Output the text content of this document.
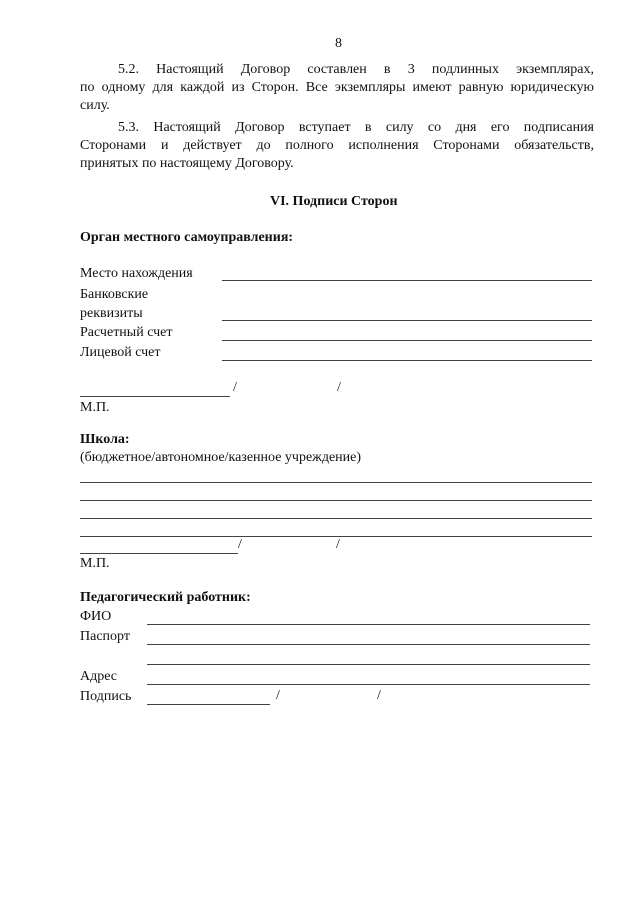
8
5.2. Настоящий Договор составлен в 3 подлинных экземплярах,
по одному для каждой из Сторон. Все экземпляры имеют равную юридическую
силу.
5.3. Настоящий Договор вступает в силу со дня его подписания
Сторонами и действует до полного исполнения Сторонами обязательств,
принятых по настоящему Договору.
VI. Подписи Сторон
Орган местного самоуправления:
Место нахождения
Банковские
реквизиты
Расчетный счет
Лицевой счет
/	/
М.П.
Школа:
(бюджетное/автономное/казенное учреждение)
/	/
М.П.
Педагогический работник:
ФИО
Паспорт
Адрес
Подпись	/	/
